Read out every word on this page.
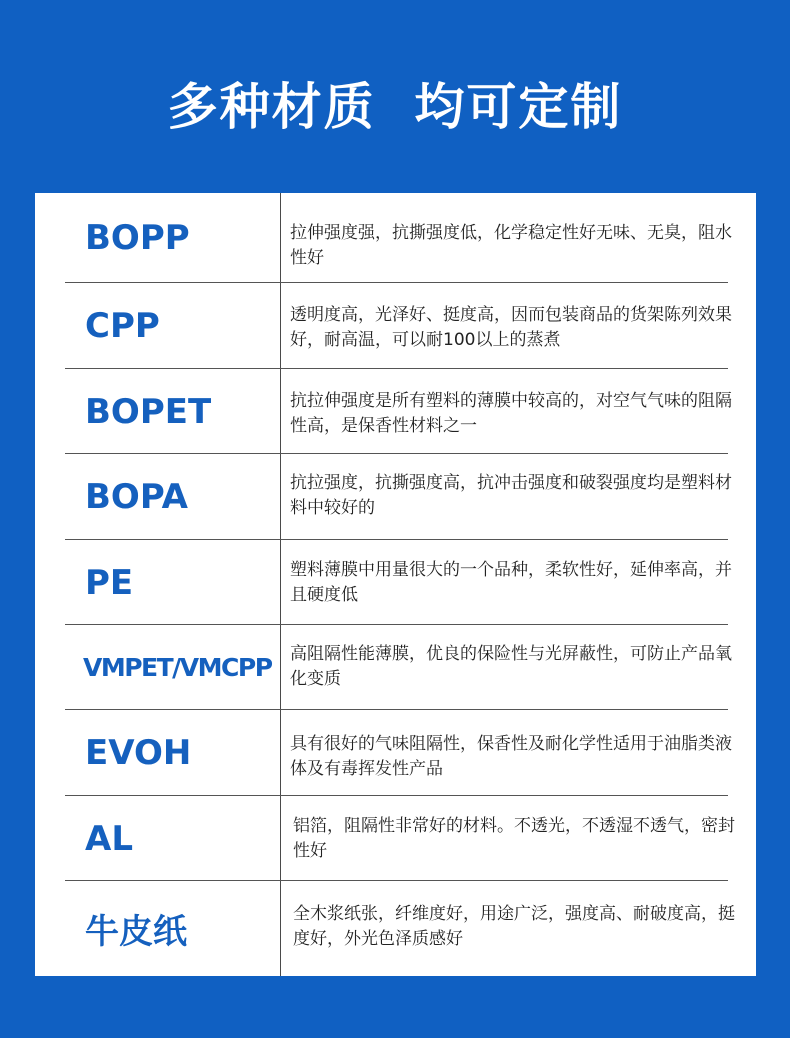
多种材质  均可定制
BOPP	拉伸强度强，抗撕强度低，化学稳定性好无味、无臭，阻水性好
CPP	透明度高，光泽好、挺度高，因而包装商品的货架陈列效果好，耐高温，可以耐100以上的蒸煮
BOPET	抗拉伸强度是所有塑料的薄膜中较高的，对空气气味的阻隔性高，是保香性材料之一
BOPA	抗拉强度，抗撕强度高，抗冲击强度和破裂强度均是塑料材料中较好的
PE	塑料薄膜中用量很大的一个品种，柔软性好，延伸率高，并且硬度低
VMPET/VMCPP 高阻隔性能薄膜，优良的保险性与光屏蔽性，可防止产品氧化变质
EVOH	具有很好的气味阻隔性，保香性及耐化学性适用于油脂类液体及有毒挥发性产品
AL	铝箔，阻隔性非常好的材料。不透光，不透湿不透气，密封性好
牛皮纸	全木浆纸张，纤维度好，用途广泛，强度高、耐破度高，挺度好，外光色泽质感好
